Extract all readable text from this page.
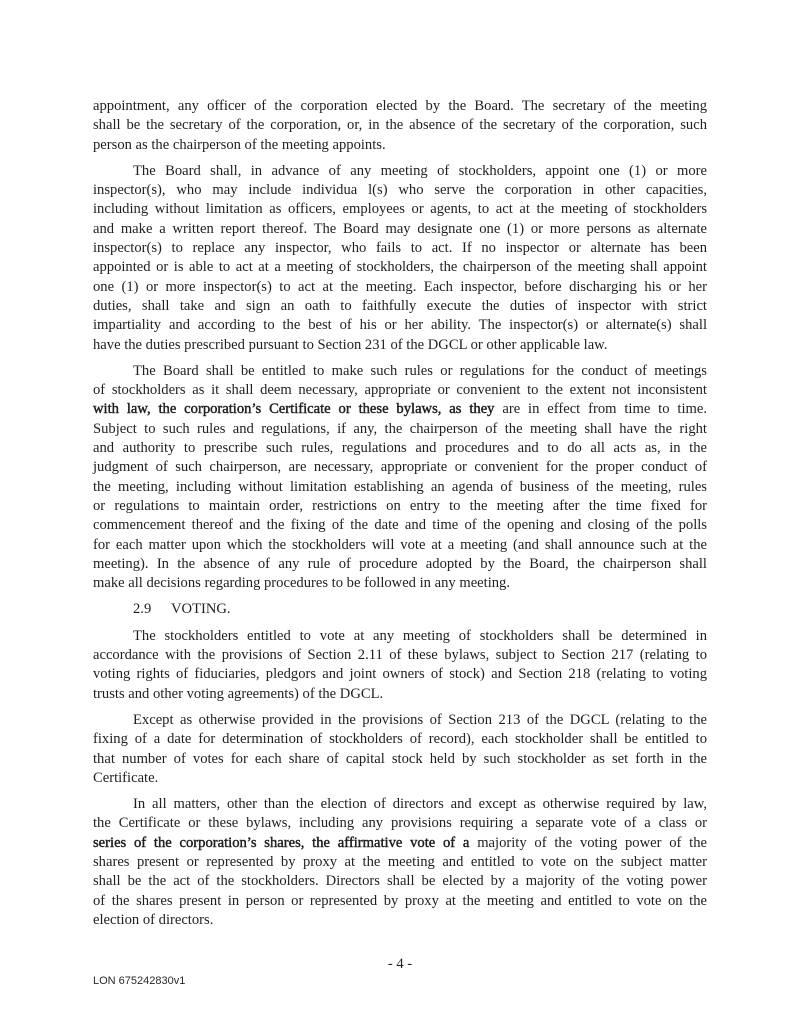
appointment, any officer of the corporation elected by the Board. The secretary of the meeting
shall be the secretary of the corporation, or, in the absence of the secretary of the corporation, such
person as the chairperson of the meeting appoints.
The Board shall, in advance of any meeting of stockholders, appoint one (1) or more
inspector(s), who may include individua l(s) who serve the corporation in other capacities,
including without limitation as officers, employees or agents, to act at the meeting of stockholders
and make a written report thereof. The Board may designate one (1) or more persons as alternate
inspector(s) to replace any inspector, who fails to act. If no inspector or alternate has been
appointed or is able to act at a meeting of stockholders, the chairperson of the meeting shall appoint
one (1) or more inspector(s) to act at the meeting. Each inspector, before discharging his or her
duties, shall take and sign an oath to faithfully execute the duties of inspector with strict
impartiality and according to the best of his or her ability. The inspector(s) or alternate(s) shall
have the duties prescribed pursuant to Section 231 of the DGCL or other applicable law.
The Board shall be entitled to make such rules or regulations for the conduct of meetings
of stockholders as it shall deem necessary, appropriate or convenient to the extent not inconsistent
with law, the corporation’s Certificate or these bylaws, as they are in effect from time to time.
Subject to such rules and regulations, if any, the chairperson of the meeting shall have the right
and authority to prescribe such rules, regulations and procedures and to do all acts as, in the
judgment of such chairperson, are necessary, appropriate or convenient for the proper conduct of
the meeting, including without limitation establishing an agenda of business of the meeting, rules
or regulations to maintain order, restrictions on entry to the meeting after the time fixed for
commencement thereof and the fixing of the date and time of the opening and closing of the polls
for each matter upon which the stockholders will vote at a meeting (and shall announce such at the
meeting). In the absence of any rule of procedure adopted by the Board, the chairperson shall
make all decisions regarding procedures to be followed in any meeting.
2.9 VOTING.
The stockholders entitled to vote at any meeting of stockholders shall be determined in
accordance with the provisions of Section 2.11 of these bylaws, subject to Section 217 (relating to
voting rights of fiduciaries, pledgors and joint owners of stock) and Section 218 (relating to voting
trusts and other voting agreements) of the DGCL.
Except as otherwise provided in the provisions of Section 213 of the DGCL (relating to the
fixing of a date for determination of stockholders of record), each stockholder shall be entitled to
that number of votes for each share of capital stock held by such stockholder as set forth in the
Certificate.
In all matters, other than the election of directors and except as otherwise required by law,
the Certificate or these bylaws, including any provisions requiring a separate vote of a class or
series of the corporation’s shares, the affirmative vote of a majority of the voting power of the
shares present or represented by proxy at the meeting and entitled to vote on the subject matter
shall be the act of the stockholders. Directors shall be elected by a majority of the voting power
of the shares present in person or represented by proxy at the meeting and entitled to vote on the
election of directors.
- 4 -
LON 675242830v1
